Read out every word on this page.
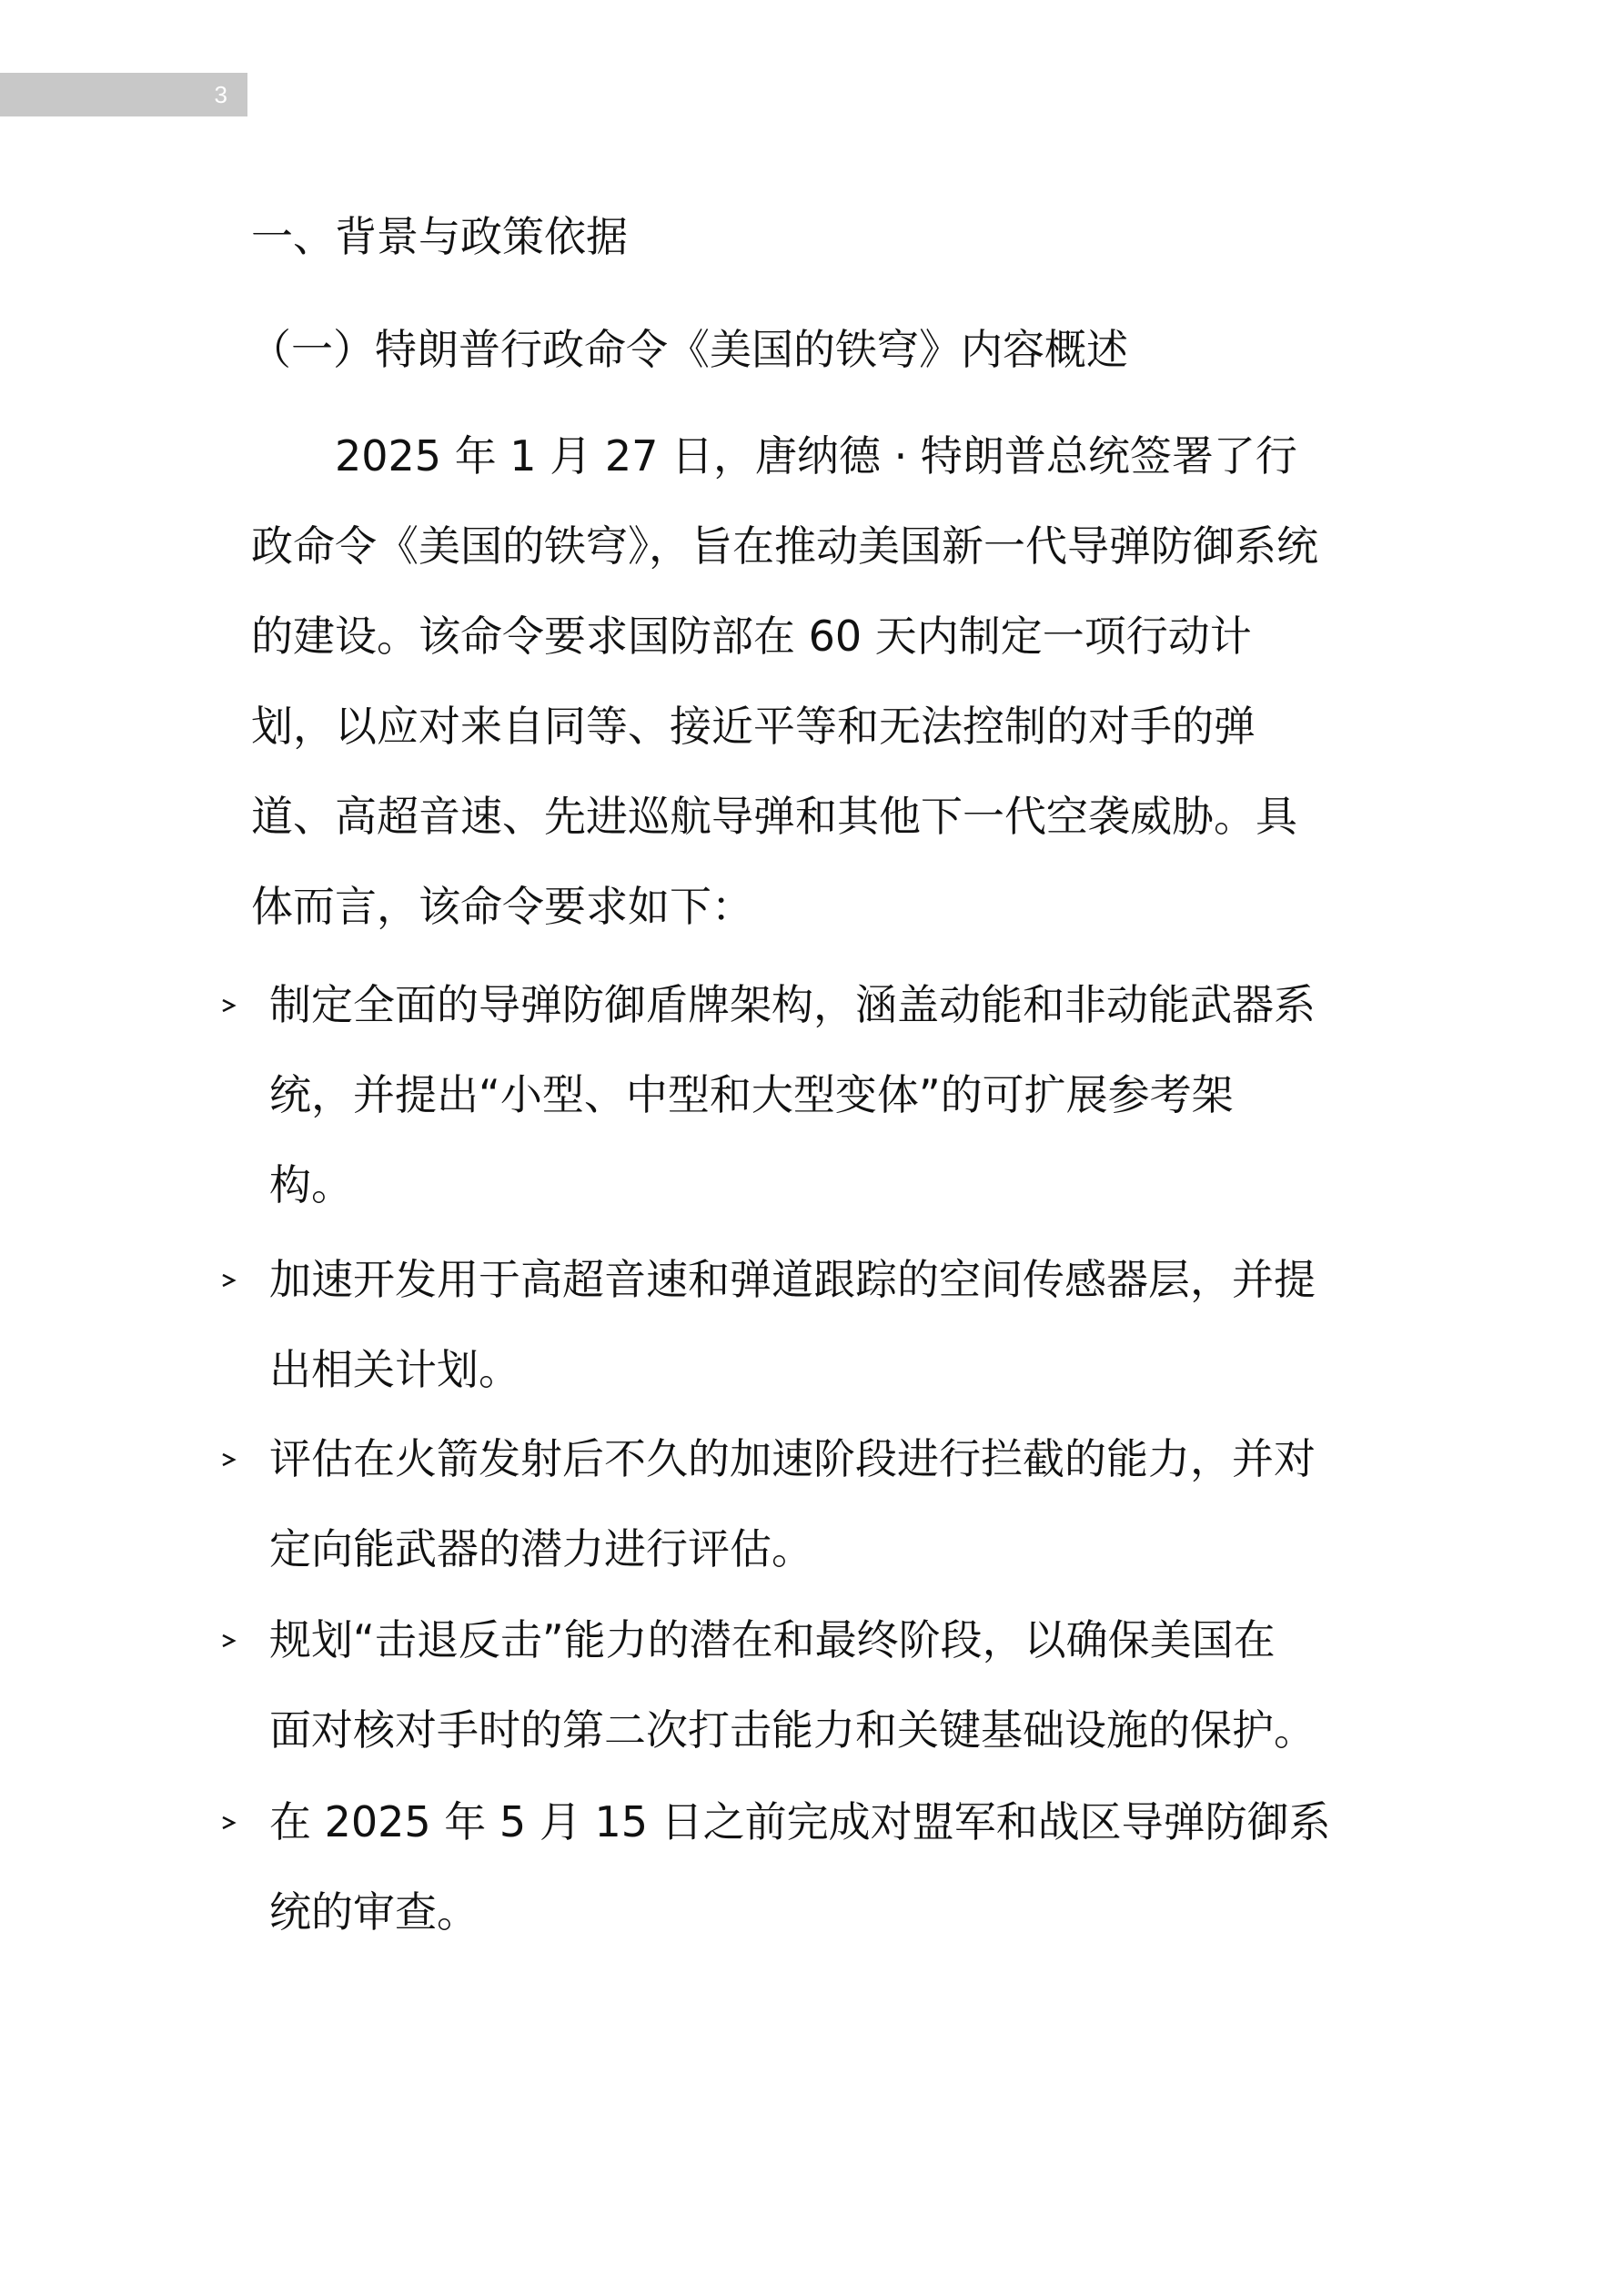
3
一、背景与政策依据
（一）特朗普行政命令《美国的铁穹》内容概述
2025 年 1 月 27 日，唐纳德 · 特朗普总统签署了行
政命令《美国的铁穹》，旨在推动美国新一代导弹防御系统
的建设。该命令要求国防部在 60 天内制定一项行动计
划，以应对来自同等、接近平等和无法控制的对手的弹
道、高超音速、先进巡航导弹和其他下一代空袭威胁。具
体而言，该命令要求如下：
制定全面的导弹防御盾牌架构，涵盖动能和非动能武器系
统，并提出“小型、中型和大型变体”的可扩展参考架
构。
加速开发用于高超音速和弹道跟踪的空间传感器层，并提
出相关计划。
评估在火箭发射后不久的加速阶段进行拦截的能力，并对
定向能武器的潜力进行评估。
规划“击退反击”能力的潜在和最终阶段，以确保美国在
面对核对手时的第二次打击能力和关键基础设施的保护。
在 2025 年 5 月 15 日之前完成对盟军和战区导弹防御系
统的审查。
